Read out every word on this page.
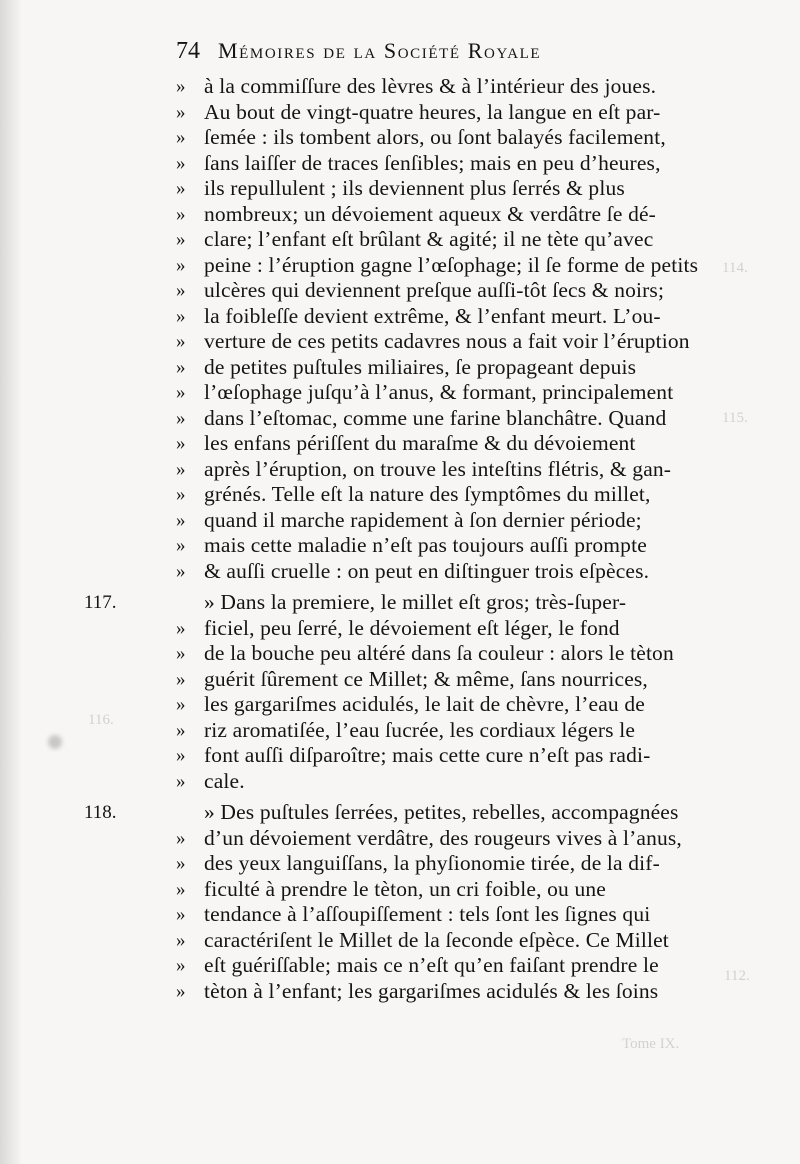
114.
115.
116.
112.
Tome IX.
74 Mémoires de la Société Royale
» à la commiſſure des lèvres & à l’intérieur des joues.
» Au bout de vingt-quatre heures, la langue en eſt par-
» ſemée : ils tombent alors, ou ſont balayés facilement,
» ſans laiſſer de traces ſenſibles; mais en peu d’heures,
» ils repullulent ; ils deviennent plus ſerrés & plus
» nombreux; un dévoiement aqueux & verdâtre ſe dé-
» clare; l’enfant eſt brûlant & agité; il ne tète qu’avec
» peine : l’éruption gagne l’œſophage; il ſe forme de petits
» ulcères qui deviennent preſque auſſi-tôt ſecs & noirs;
» la foibleſſe devient extrême, & l’enfant meurt. L’ou-
» verture de ces petits cadavres nous a fait voir l’éruption
» de petites puſtules miliaires, ſe propageant depuis
» l’œſophage juſqu’à l’anus, & formant, principalement
» dans l’eſtomac, comme une farine blanchâtre. Quand
» les enfans périſſent du maraſme & du dévoiement
» après l’éruption, on trouve les inteſtins flétris, & gan-
» grénés. Telle eſt la nature des ſymptômes du millet,
» quand il marche rapidement à ſon dernier période;
» mais cette maladie n’eſt pas toujours auſſi prompte
» & auſſi cruelle : on peut en diſtinguer trois eſpèces.
117.	» Dans la premiere, le millet eſt gros; très-ſuper-
» ficiel, peu ſerré, le dévoiement eſt léger, le fond
» de la bouche peu altéré dans ſa couleur : alors le tèton
» guérit ſûrement ce Millet; & même, ſans nourrices,
» les gargariſmes acidulés, le lait de chèvre, l’eau de
» riz aromatiſée, l’eau ſucrée, les cordiaux légers le
» font auſſi diſparoître; mais cette cure n’eſt pas radi-
» cale.
118.	» Des puſtules ſerrées, petites, rebelles, accompagnées
» d’un dévoiement verdâtre, des rougeurs vives à l’anus,
» des yeux languiſſans, la phyſionomie tirée, de la dif-
» ficulté à prendre le tèton, un cri foible, ou une
» tendance à l’aſſoupiſſement : tels ſont les ſignes qui
» caractériſent le Millet de la ſeconde eſpèce. Ce Millet
» eſt guériſſable; mais ce n’eſt qu’en faiſant prendre le
» tèton à l’enfant; les gargariſmes acidulés & les ſoins
